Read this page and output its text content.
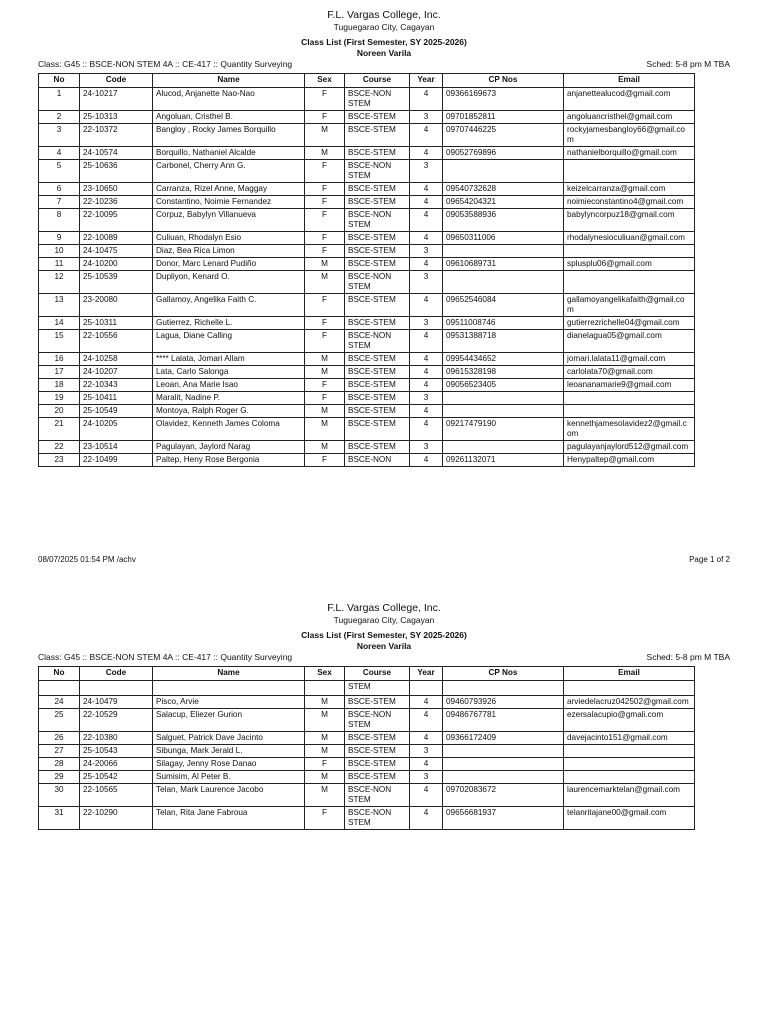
F.L. Vargas College, Inc.
Tuguegarao City, Cagayan
Class List (First Semester, SY 2025-2026)
Noreen Varila
Class: G45 :: BSCE-NON STEM 4A :: CE-417 :: Quantity Surveying	Sched: 5-8 pm M TBA
No	Code	Name	Sex	Course	Year	CP Nos	Email
1	24-10217	Alucod, Anjanette Nao-Nao	F	BSCE-NON STEM	4	09366169673	anjanettealucod@gmail.com
2	25-10313	Angoluan, Cristhel B.	F	BSCE-STEM	3	09701852811	angoluancristhel@gmail.com
3	22-10372	Bangloy , Rocky James Borquillo	M	BSCE-STEM	4	09707446225	rockyjamesbangloy66@gmail.com
4	24-10574	Borquillo, Nathaniel Alcalde	M	BSCE-STEM	4	09052769896	nathanielborquillo@gmail.com
5	25-10636	Carbonel, Cherry Ann G.	F	BSCE-NON STEM	3		
6	23-10650	Carranza, Rizel Anne, Maggay	F	BSCE-STEM	4	09540732628	keizelcarranza@gmail.com
7	22-10236	Constantino, Noimie Fernandez	F	BSCE-STEM	4	09654204321	noimieconstantino4@gmail.com
8	22-10095	Corpuz, Babylyn Villanueva	F	BSCE-NON STEM	4	09053588936	babylyncorpuz18@gmail.com
9	22-10089	Culiuan, Rhodalyn Esio	F	BSCE-STEM	4	09650311006	rhodalynesioculiuan@gmail.com
10	24-10475	Diaz, Bea Rica Limon	F	BSCE-STEM	3		
11	24-10200	Donor, Marc Lenard Pudiño	M	BSCE-STEM	4	09610689731	splusplu06@gmail.com
12	25-10539	Dupliyon, Kenard O.	M	BSCE-NON STEM	3		
13	23-20080	Gallamoy, Angelika Faith C.	F	BSCE-STEM	4	09652546084	gallamoyangelikafaith@gmail.com
14	25-10311	Gutierrez, Richelle L.	F	BSCE-STEM	3	09511008746	gutierrezrichelle04@gmail.com
15	22-10556	Lagua, Diane Calling	F	BSCE-NON STEM	4	09531388718	dianelagua05@gmail.com
16	24-10258	**** Lalata, Jomari Allam	M	BSCE-STEM	4	09954434652	jomari.lalata11@gmail.com
17	24-10207	Lata, Carlo Salonga	M	BSCE-STEM	4	09615328198	carlolata70@gmail.com
18	22-10343	Leoan, Ana Marie Isao	F	BSCE-STEM	4	09056523405	leoananamarie9@gmail.com
19	25-10411	Maralit, Nadine P.	F	BSCE-STEM	3		
20	25-10549	Montoya, Ralph Roger G.	M	BSCE-STEM	4		
21	24-10205	Olavidez, Kenneth James Coloma	M	BSCE-STEM	4	09217479190	kennethjamesolavidez2@gmail.com
22	23-10514	Pagulayan, Jaylord Narag	M	BSCE-STEM	3		pagulayanjaylord512@gmail.com
23	22-10499	Paltep, Heny Rose Bergonia	F	BSCE-NON	4	09261132071	Henypaltep@gmail.com
08/07/2025 01:54 PM /achv	Page 1 of 2
F.L. Vargas College, Inc.
Tuguegarao City, Cagayan
Class List (First Semester, SY 2025-2026)
Noreen Varila
Class: G45 :: BSCE-NON STEM 4A :: CE-417 :: Quantity Surveying	Sched: 5-8 pm M TBA
No	Code	Name	Sex	Course	Year	CP Nos	Email
				STEM			
24	24-10479	Pisco, Arvie	M	BSCE-STEM	4	09460793926	arviedelacruz042502@gmail.com
25	22-10529	Salacup, Eliezer Gurion	M	BSCE-NON STEM	4	09486767781	ezersalacupio@gmali.com
26	22-10380	Salguet, Patrick Dave Jacinto	M	BSCE-STEM	4	09366172409	davejacinto151@gmail.com
27	25-10543	Sibunga, Mark Jerald L.	M	BSCE-STEM	3		
28	24-20066	Silagay, Jenny Rose Danao	F	BSCE-STEM	4		
29	25-10542	Sumisim, Al Peter B.	M	BSCE-STEM	3		
30	22-10565	Telan, Mark Laurence Jacobo	M	BSCE-NON STEM	4	09702083672	laurencemarktelan@gmail.com
31	22-10290	Telan, Rita Jane Fabroua	F	BSCE-NON STEM	4	09656681937	telanritajane00@gmail.com
